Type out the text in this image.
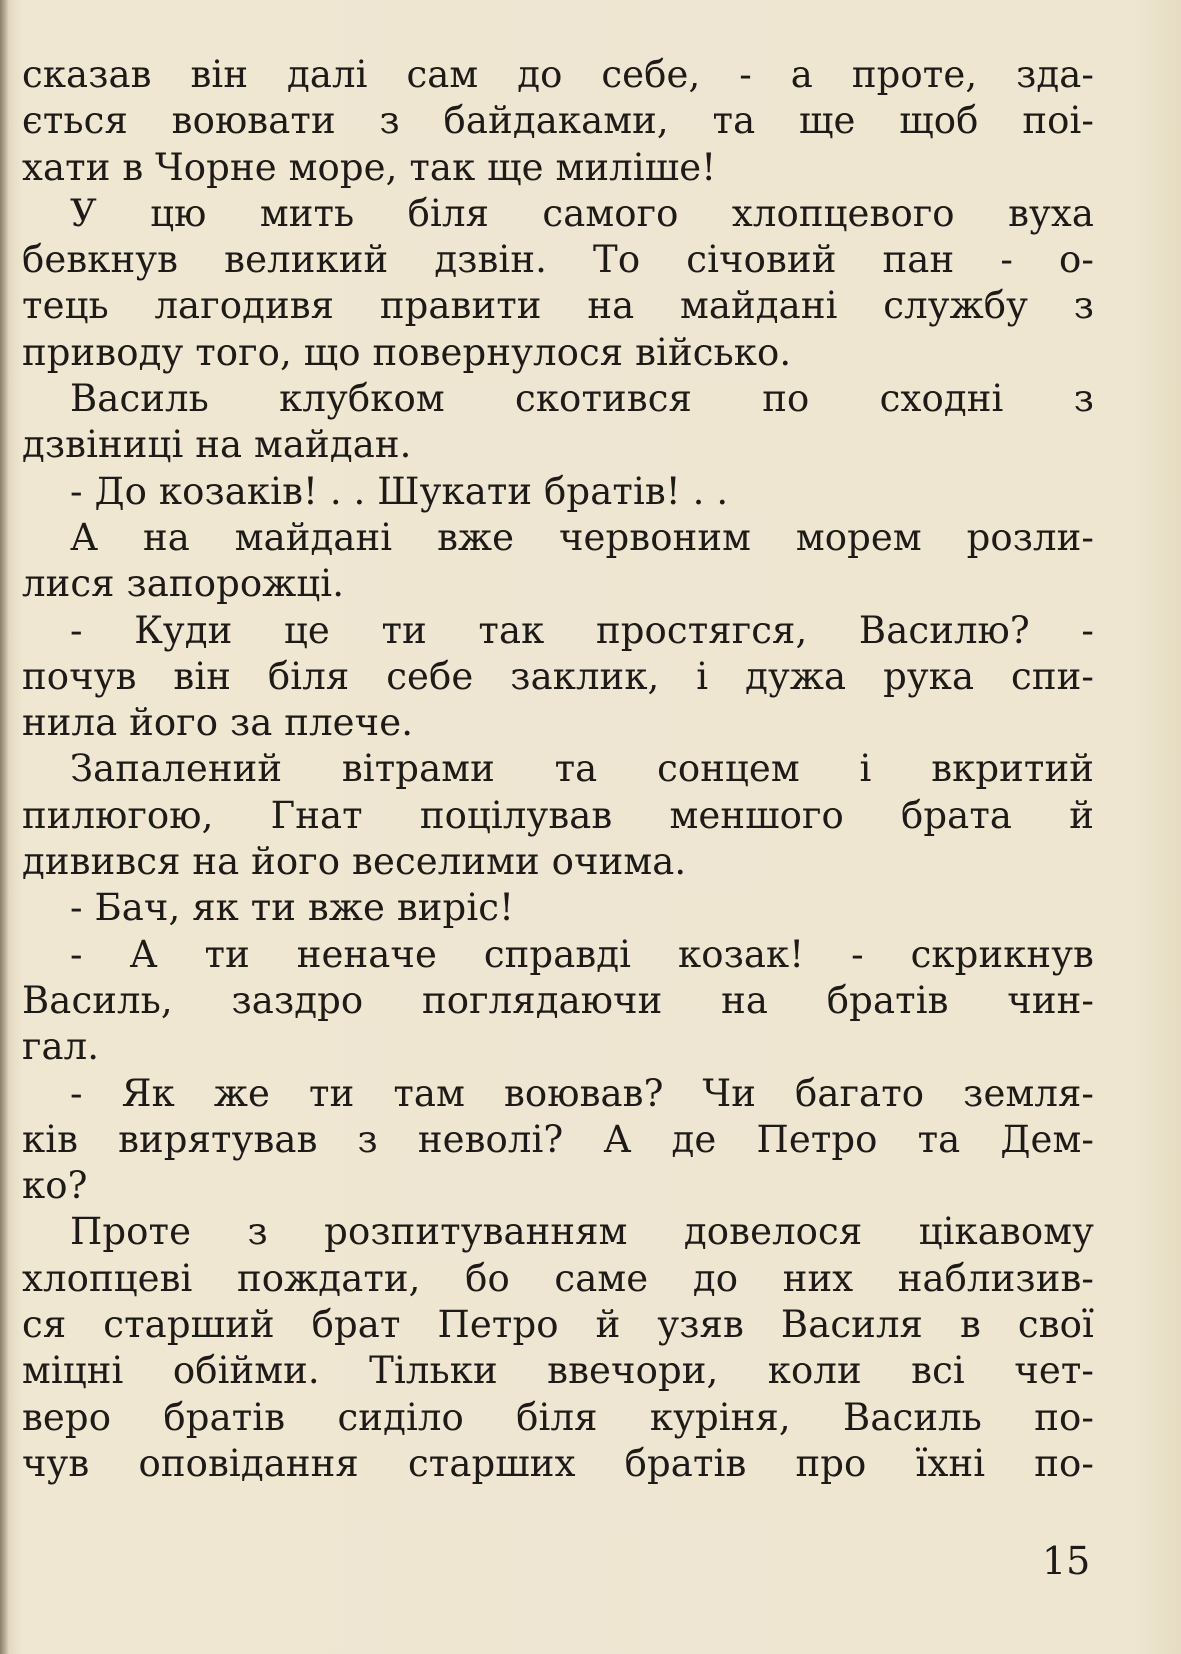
сказав він далі сам до себе, - а проте, зда-
ється воювати з байдаками, та ще щоб поі-
хати в Чорне море, так ще миліше!
У цю мить біля самого хлопцевого вуха
бевкнув великий дзвін. То січовий пан - о-
тець лагодивя правити на майдані службу з
приводу того, що повернулося військо.
Василь клубком скотився по сходні з
дзвіниці на майдан.
- До козаків! . . Шукати братів! . .
А на майдані вже червоним морем розли-
лися запорожці.
- Куди це ти так простягся, Василю? -
почув він біля себе заклик, і дужа рука спи-
нила його за плече.
Запалений вітрами та сонцем і вкритий
пилюгою, Гнат поцілував меншого брата й
дивився на його веселими очима.
- Бач, як ти вже виріс!
- А ти неначе справді козак! - скрикнув
Василь, заздро поглядаючи на братів чин-
гал.
- Як же ти там воював? Чи багато земля-
ків вирятував з неволі? А де Петро та Дем-
ко?
Проте з розпитуванням довелося цікавому
хлопцеві пождати, бо саме до них наблизив-
ся старший брат Петро й узяв Василя в свої
міцні обійми. Тільки ввечори, коли всі чет-
веро братів сиділо біля куріня, Василь по-
чув оповідання старших братів про їхні по-
15
